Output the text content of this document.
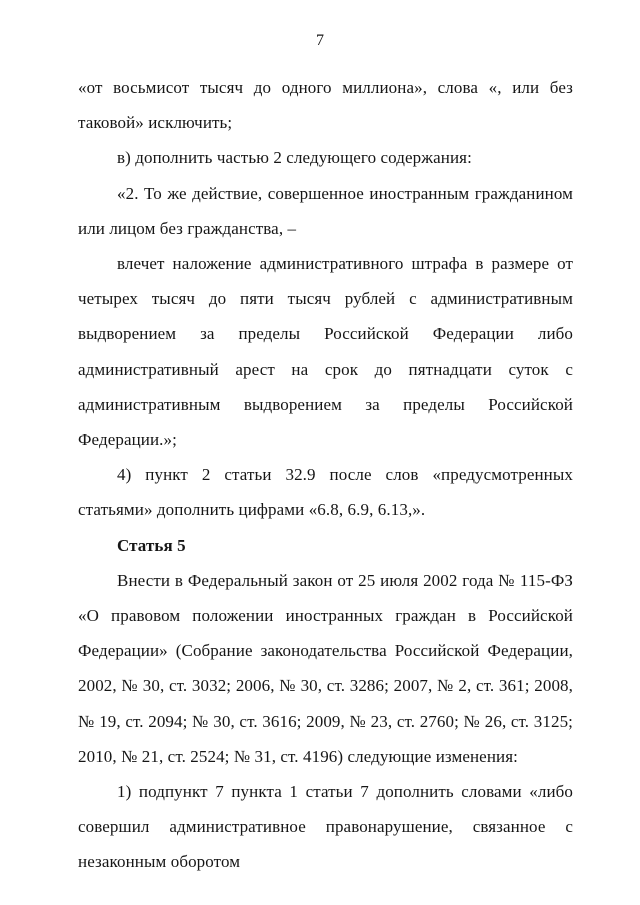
7

«от восьмисот тысяч до одного миллиона», слова «, или без таковой» исключить;

в) дополнить частью 2 следующего содержания:

«2. То же действие, совершенное иностранным гражданином или лицом без гражданства, –

влечет наложение административного штрафа в размере от четырех тысяч до пяти тысяч рублей с административным выдворением за пределы Российской Федерации либо административный арест на срок до пятнадцати суток с административным выдворением за пределы Российской Федерации.»;

4) пункт 2 статьи 32.9 после слов «предусмотренных статьями» дополнить цифрами «6.8, 6.9, 6.13,».

Статья 5

Внести в Федеральный закон от 25 июля 2002 года № 115-ФЗ «О правовом положении иностранных граждан в Российской Федерации» (Собрание законодательства Российской Федерации, 2002, № 30, ст. 3032; 2006, № 30, ст. 3286; 2007, № 2, ст. 361; 2008, № 19, ст. 2094; № 30, ст. 3616; 2009, № 23, ст. 2760; № 26, ст. 3125; 2010, № 21, ст. 2524; № 31, ст. 4196) следующие изменения:

1) подпункт 7 пункта 1 статьи 7 дополнить словами «либо совершил административное правонарушение, связанное с незаконным оборотом
